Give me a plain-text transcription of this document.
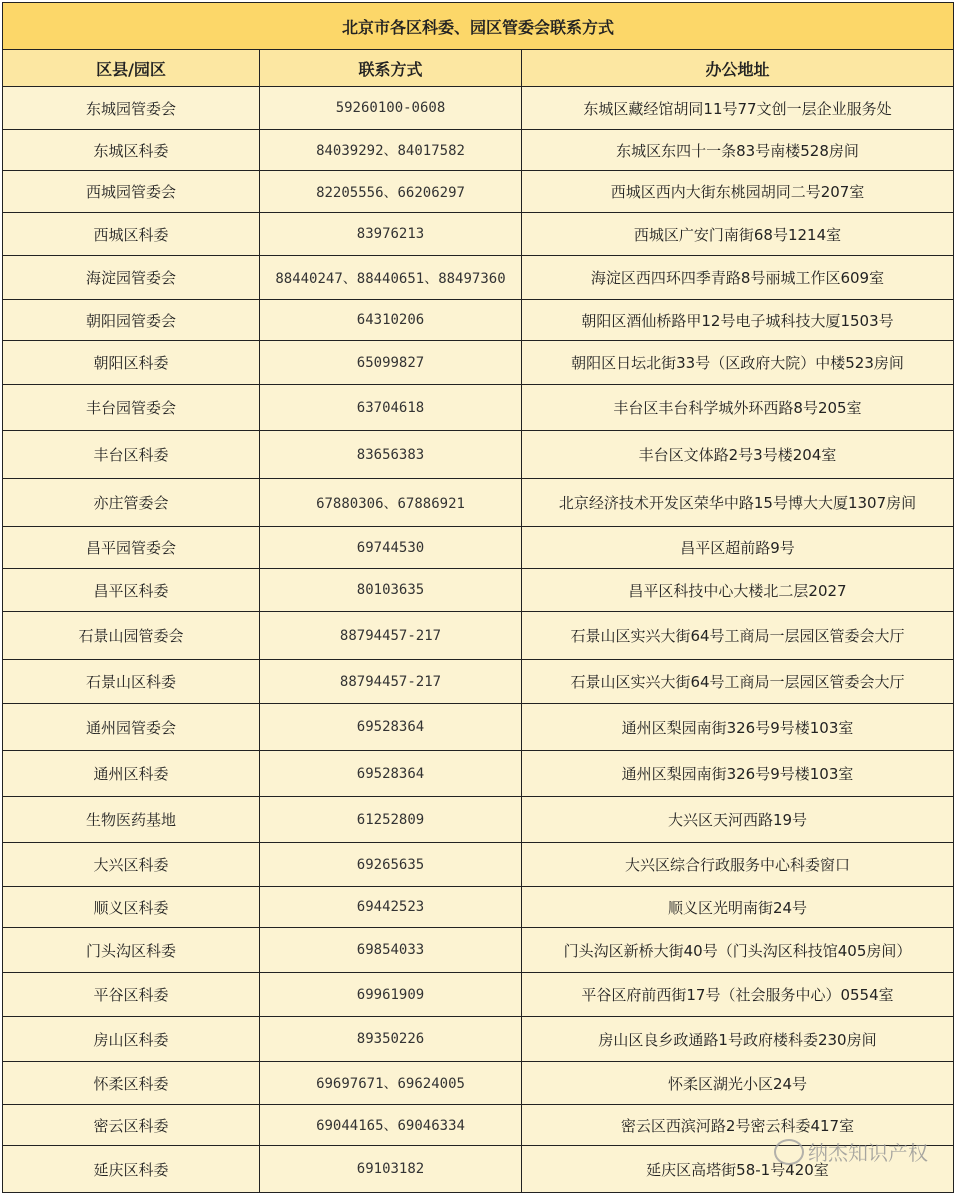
北京市各区科委、园区管委会联系方式		
区县/园区	联系方式	办公地址
东城园管委会	59260100-0608	东城区藏经馆胡同11号77文创一层企业服务处
东城区科委	84039292、84017582	东城区东四十一条83号南楼528房间
西城园管委会	82205556、66206297	西城区西内大街东桃园胡同二号207室
西城区科委	83976213	西城区广安门南街68号1214室
海淀园管委会	88440247、88440651、88497360	海淀区西四环四季青路8号丽城工作区609室
朝阳园管委会	64310206	朝阳区酒仙桥路甲12号电子城科技大厦1503号
朝阳区科委	65099827	朝阳区日坛北街33号（区政府大院）中楼523房间
丰台园管委会	63704618	丰台区丰台科学城外环西路8号205室
丰台区科委	83656383	丰台区文体路2号3号楼204室
亦庄管委会	67880306、67886921	北京经济技术开发区荣华中路15号博大大厦1307房间
昌平园管委会	69744530	昌平区超前路9号
昌平区科委	80103635	昌平区科技中心大楼北二层2027
石景山园管委会	88794457-217	石景山区实兴大街64号工商局一层园区管委会大厅
石景山区科委	88794457-217	石景山区实兴大街64号工商局一层园区管委会大厅
通州园管委会	69528364	通州区梨园南街326号9号楼103室
通州区科委	69528364	通州区梨园南街326号9号楼103室
生物医药基地	61252809	大兴区天河西路19号
大兴区科委	69265635	大兴区综合行政服务中心科委窗口
顺义区科委	69442523	顺义区光明南街24号
门头沟区科委	69854033	门头沟区新桥大街40号（门头沟区科技馆405房间）
平谷区科委	69961909	平谷区府前西街17号（社会服务中心）0554室
房山区科委	89350226	房山区良乡政通路1号政府楼科委230房间
怀柔区科委	69697671、69624005	怀柔区湖光小区24号
密云区科委	69044165、69046334	密云区西滨河路2号密云科委417室
延庆区科委	69103182	延庆区高塔街58-1号420室
纳杰知识产权
